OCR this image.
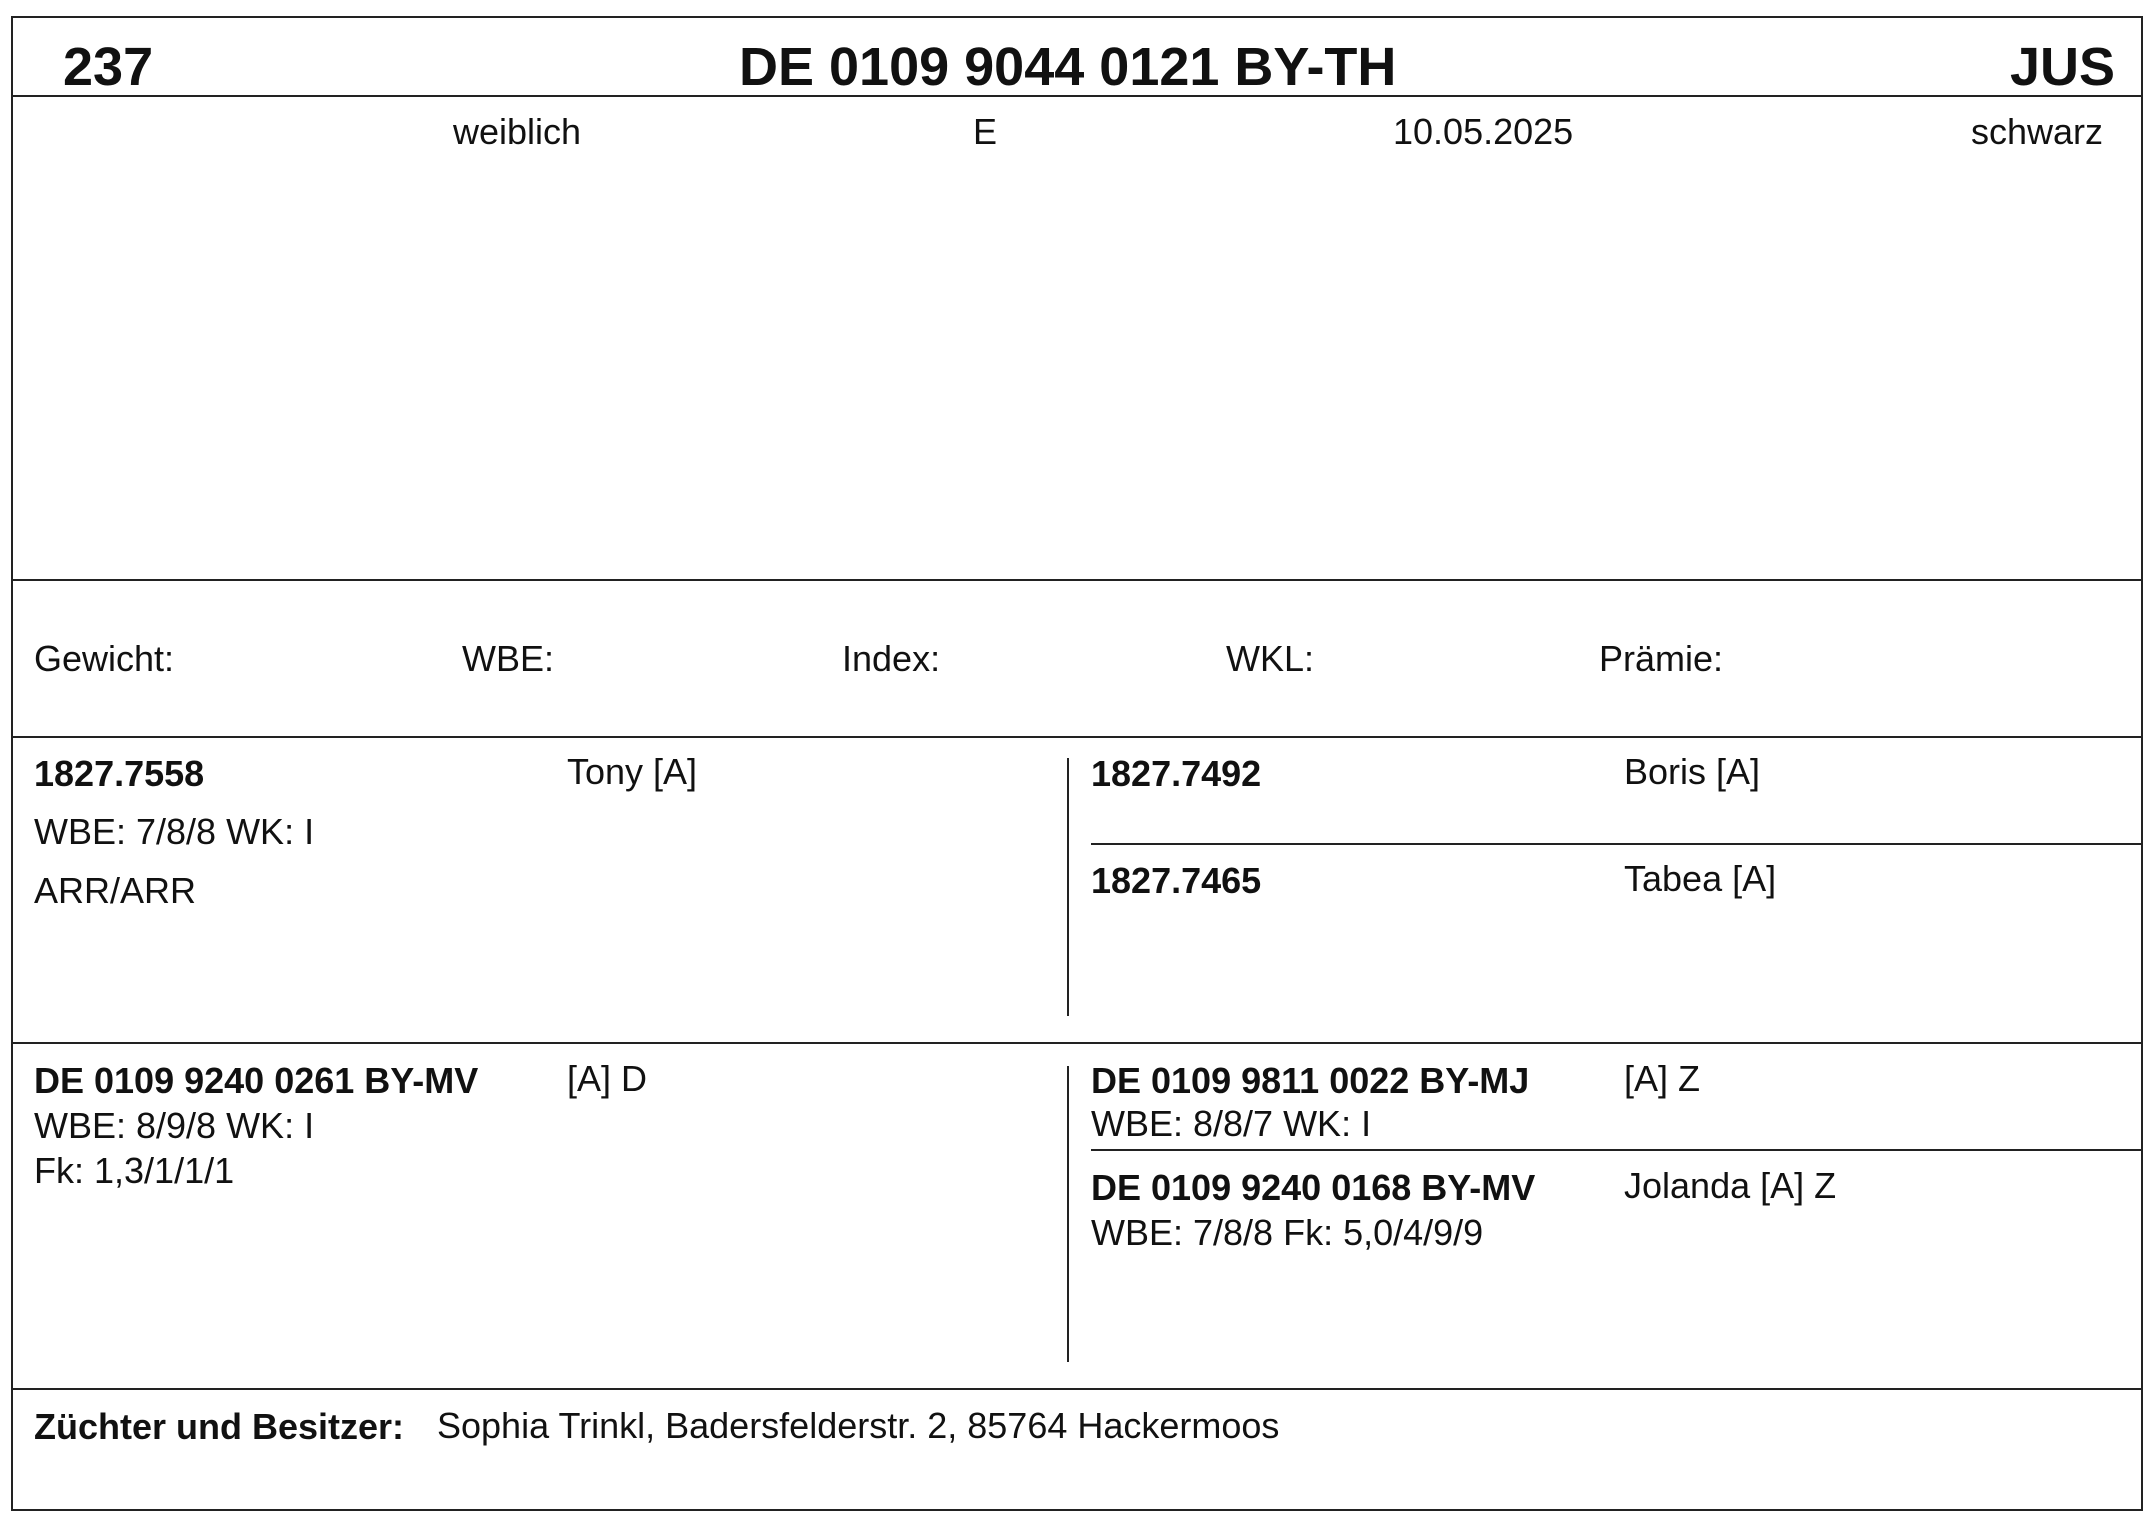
237	DE 0109 9044 0121 BY-TH	JUS
weiblich	E	10.05.2025	schwarz
Gewicht:	WBE:	Index:	WKL:	Prämie:
1827.7558	Tony [A]
WBE: 7/8/8 WK: I
ARR/ARR
1827.7492	Boris [A]
1827.7465	Tabea [A]
DE 0109 9240 0261 BY-MV [A] D
WBE: 8/9/8 WK: I
Fk: 1,3/1/1/1
DE 0109 9811 0022 BY-MJ	[A] Z
WBE: 8/8/7 WK: I
DE 0109 9240 0168 BY-MV Jolanda [A] Z
WBE: 7/8/8 Fk: 5,0/4/9/9
Züchter und Besitzer: Sophia Trinkl, Badersfelderstr. 2, 85764 Hackermoos
